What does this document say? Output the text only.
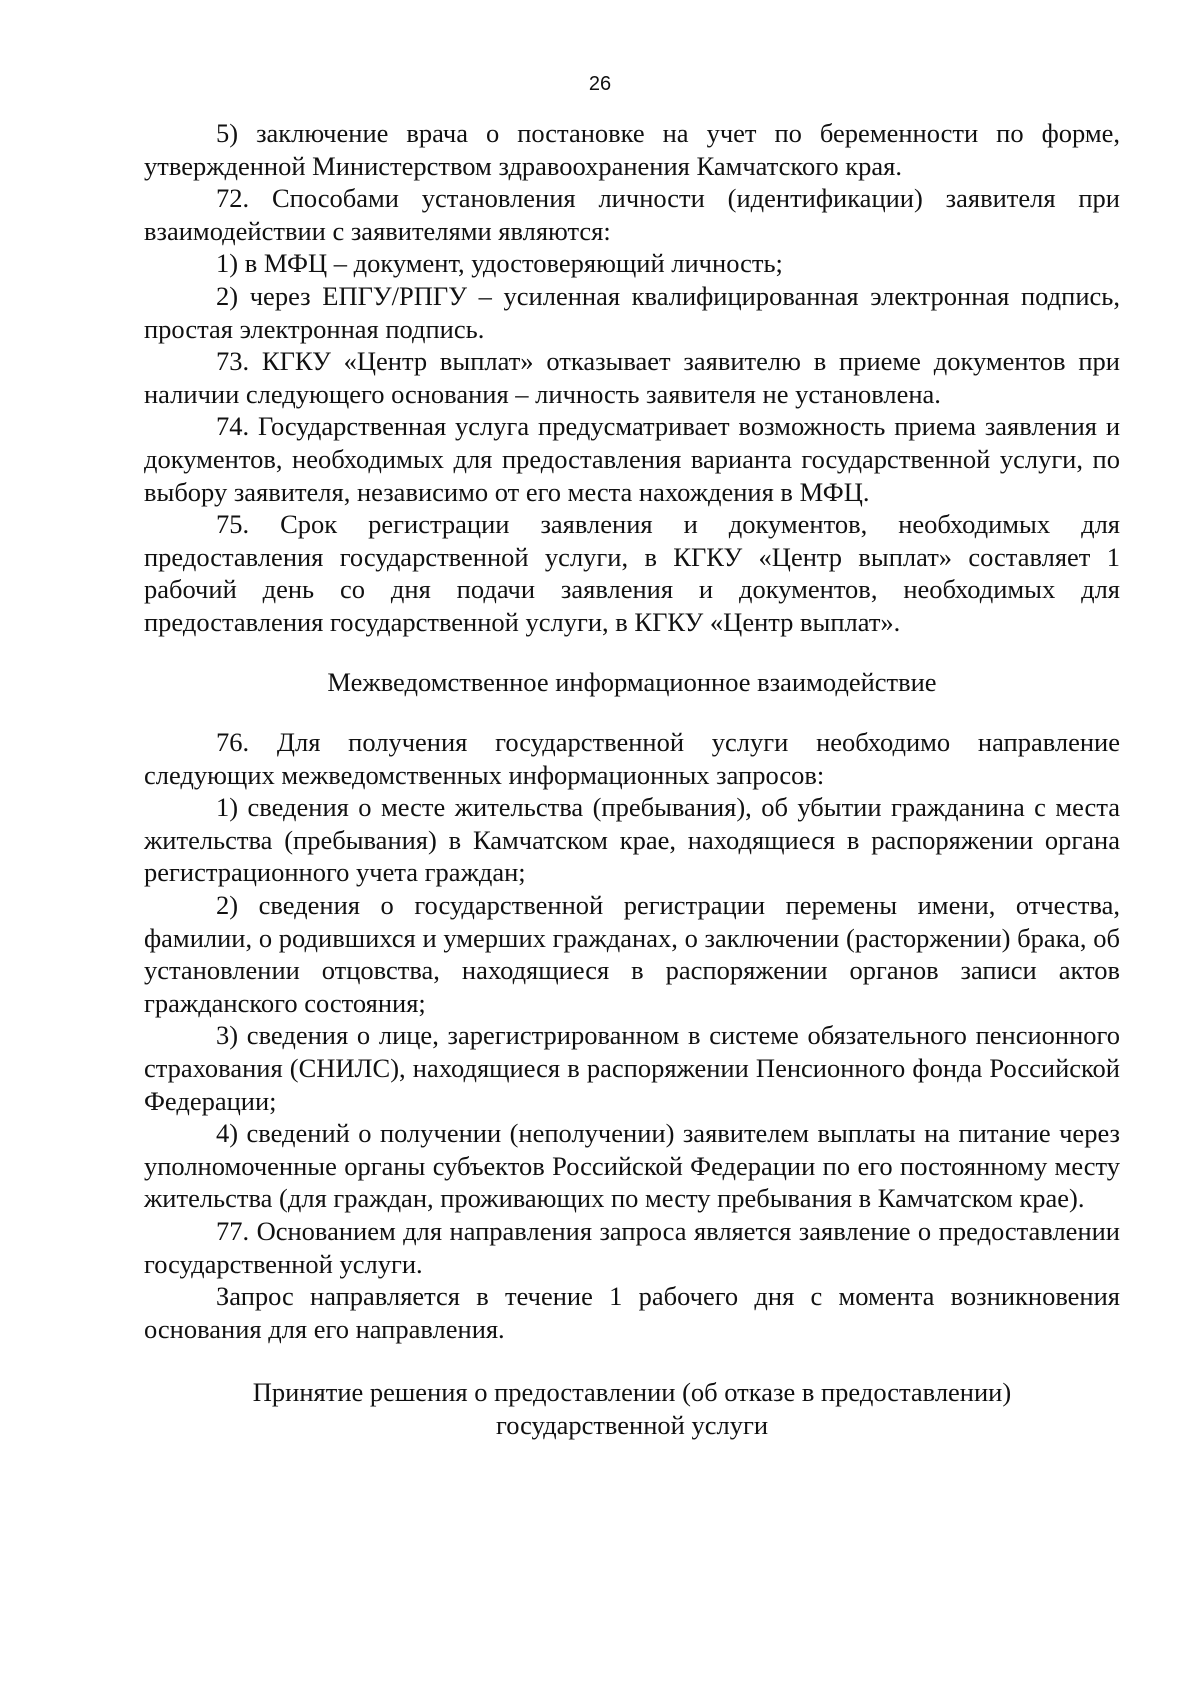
26

5) заключение врача о постановке на учет по беременности по форме, утвержденной Министерством здравоохранения Камчатского края.

72. Способами установления личности (идентификации) заявителя при взаимодействии с заявителями являются:

1) в МФЦ – документ, удостоверяющий личность;

2) через ЕПГУ/РПГУ – усиленная квалифицированная электронная подпись, простая электронная подпись.

73. КГКУ «Центр выплат» отказывает заявителю в приеме документов при наличии следующего основания – личность заявителя не установлена.

74. Государственная услуга предусматривает возможность приема заявления и документов, необходимых для предоставления варианта государственной услуги, по выбору заявителя, независимо от его места нахождения в МФЦ.

75. Срок регистрации заявления и документов, необходимых для предоставления государственной услуги, в КГКУ «Центр выплат» составляет 1 рабочий день со дня подачи заявления и документов, необходимых для предоставления государственной услуги, в КГКУ «Центр выплат».

Межведомственное информационное взаимодействие

76. Для получения государственной услуги необходимо направление следующих межведомственных информационных запросов:

1) сведения о месте жительства (пребывания), об убытии гражданина с места жительства (пребывания) в Камчатском крае, находящиеся в распоряжении органа регистрационного учета граждан;

2) сведения о государственной регистрации перемены имени, отчества, фамилии, о родившихся и умерших гражданах, о заключении (расторжении) брака, об установлении отцовства, находящиеся в распоряжении органов записи актов гражданского состояния;

3) сведения о лице, зарегистрированном в системе обязательного пенсионного страхования (СНИЛС), находящиеся в распоряжении Пенсионного фонда Российской Федерации;

4) сведений о получении (неполучении) заявителем выплаты на питание через уполномоченные органы субъектов Российской Федерации по его постоянному месту жительства (для граждан, проживающих по месту пребывания в Камчатском крае).

77. Основанием для направления запроса является заявление о предоставлении государственной услуги.

Запрос направляется в течение 1 рабочего дня с момента возникновения основания для его направления.

Принятие решения о предоставлении (об отказе в предоставлении)
государственной услуги
